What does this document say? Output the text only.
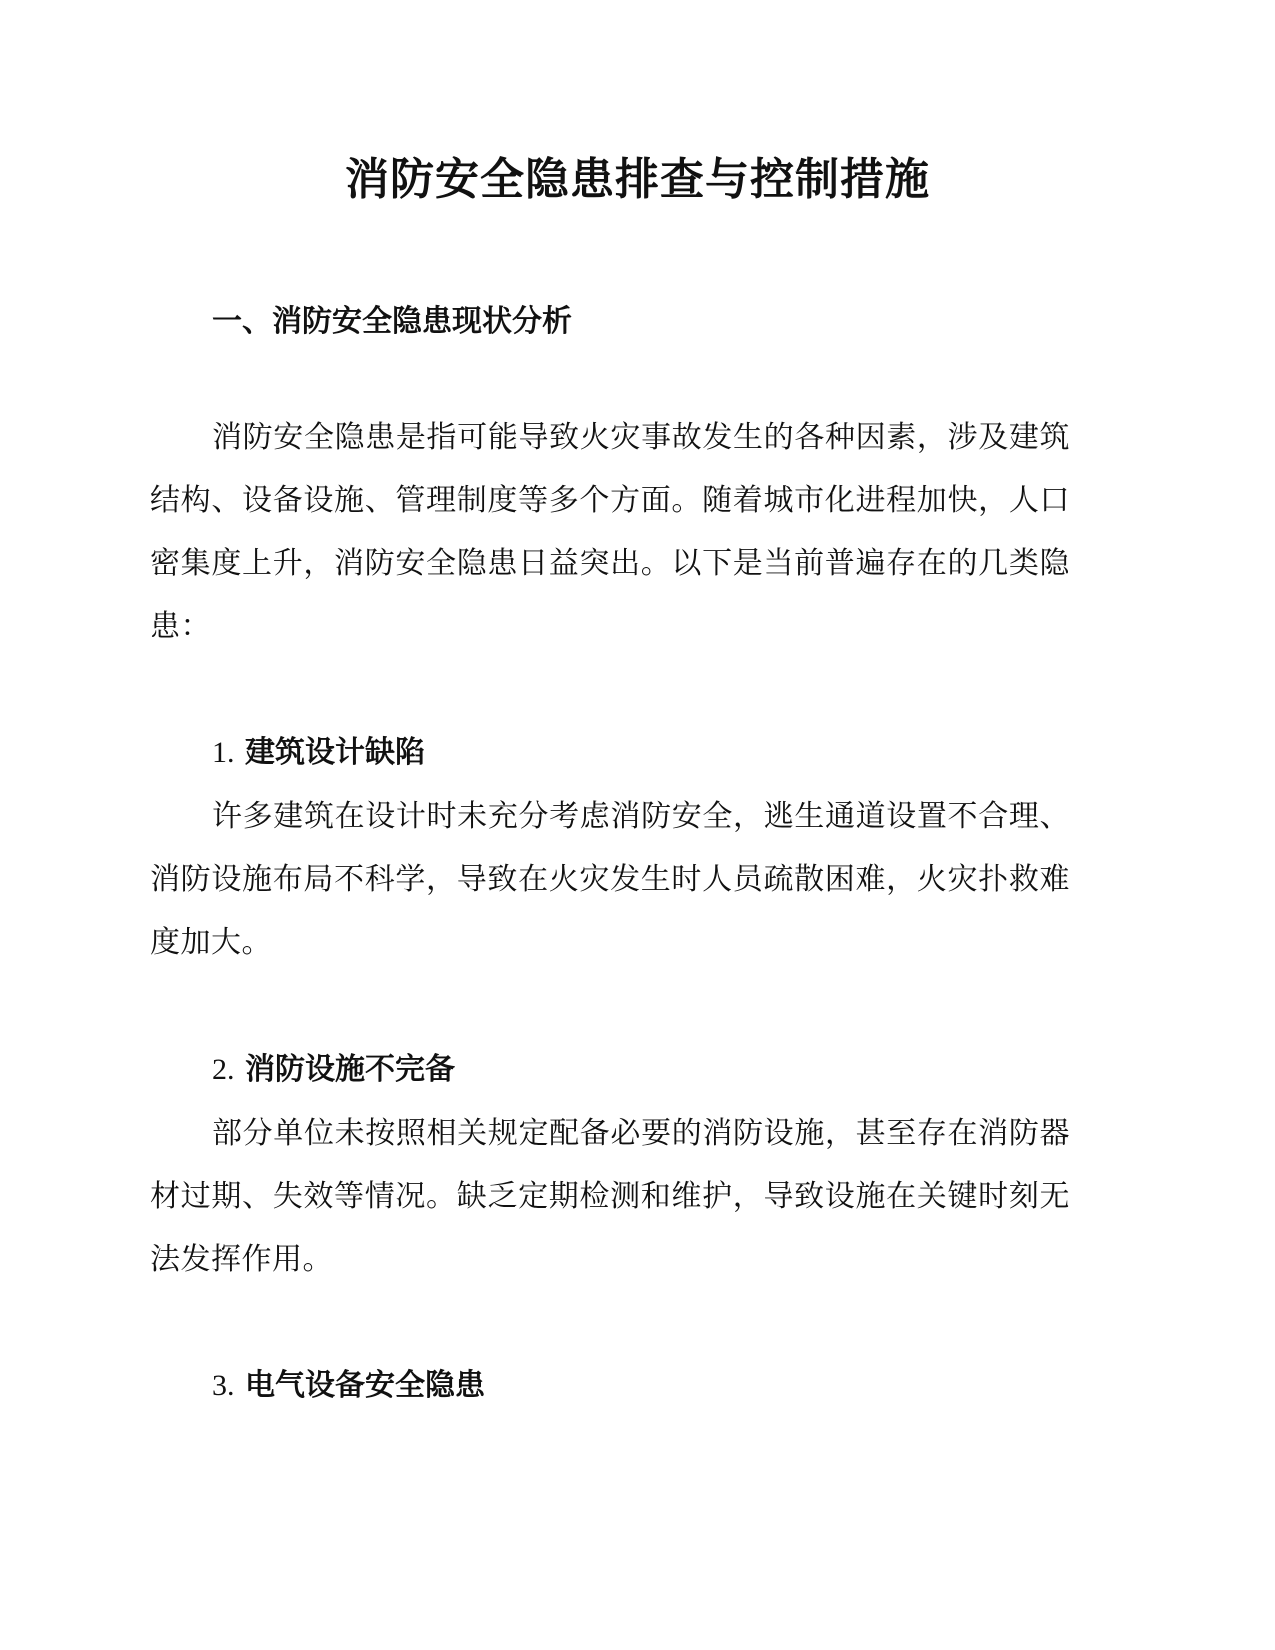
消防安全隐患排查与控制措施
一、消防安全隐患现状分析

消防安全隐患是指可能导致火灾事故发生的各种因素，涉及建筑结构、设备设施、管理制度等多个方面。随着城市化进程加快，人口密集度上升，消防安全隐患日益突出。以下是当前普遍存在的几类隐患：

1. 建筑设计缺陷

许多建筑在设计时未充分考虑消防安全，逃生通道设置不合理、消防设施布局不科学，导致在火灾发生时人员疏散困难，火灾扑救难度加大。

2. 消防设施不完备

部分单位未按照相关规定配备必要的消防设施，甚至存在消防器材过期、失效等情况。缺乏定期检测和维护，导致设施在关键时刻无法发挥作用。

3. 电气设备安全隐患
